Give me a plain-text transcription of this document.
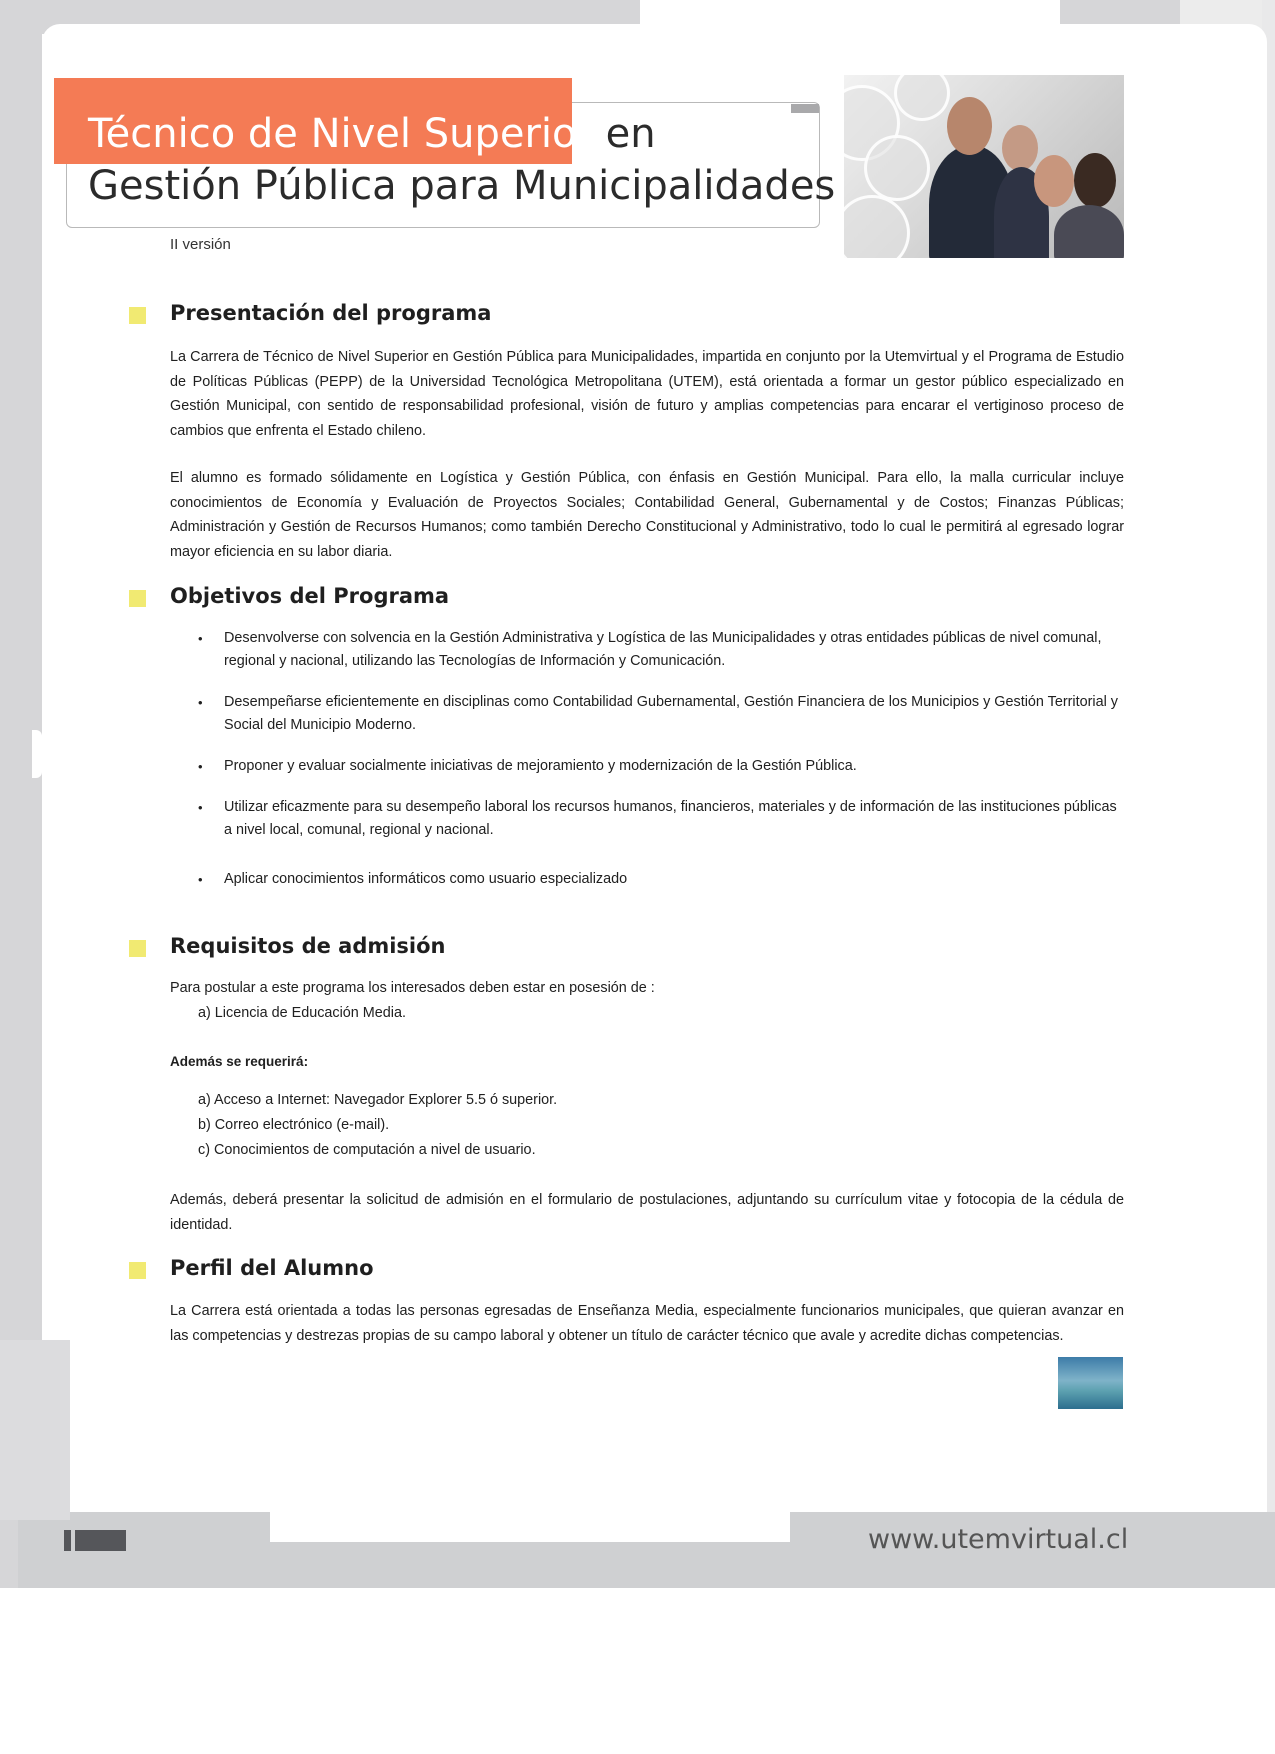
Técnico de Nivel Superior en
Gestión Pública para Municipalidades
II versión
Presentación del programa
La Carrera de Técnico de Nivel Superior en Gestión Pública para Municipalidades, impartida en conjunto por la Utemvirtual y el Programa de Estudio de Políticas Públicas (PEPP) de la Universidad Tecnológica Metropolitana (UTEM), está orientada a formar un gestor público especializado en Gestión Municipal, con sentido de responsabilidad profesional, visión de futuro y amplias competencias para encarar el vertiginoso proceso de cambios que enfrenta el Estado chileno.
El alumno es formado sólidamente en Logística y Gestión Pública, con énfasis en Gestión Municipal. Para ello, la malla curricular incluye conocimientos de Economía y Evaluación de Proyectos Sociales; Contabilidad General, Gubernamental y de Costos; Finanzas Públicas; Administración y Gestión de Recursos Humanos; como también Derecho Constitucional y Administrativo, todo lo cual le permitirá al egresado lograr mayor eficiencia en su labor diaria.
Objetivos del Programa
• Desenvolverse con solvencia en la Gestión Administrativa y Logística de las Municipalidades y otras entidades públicas de nivel comunal, regional y nacional, utilizando las Tecnologías de Información y Comunicación.
• Desempeñarse eficientemente en disciplinas como Contabilidad Gubernamental, Gestión Financiera de los Municipios y Gestión Territorial y Social del Municipio Moderno.
• Proponer y evaluar socialmente iniciativas de mejoramiento y modernización de la Gestión Pública.
• Utilizar eficazmente para su desempeño laboral los recursos humanos, financieros, materiales y de información de las instituciones públicas a nivel local, comunal, regional y nacional.
• Aplicar conocimientos informáticos como usuario especializado
Requisitos de admisión
Para postular a este programa los interesados deben estar en posesión de :
a) Licencia de Educación Media.
Además se requerirá:
a) Acceso a Internet: Navegador Explorer 5.5 ó superior.
b) Correo electrónico (e-mail).
c) Conocimientos de computación a nivel de usuario.
Además, deberá presentar la solicitud de admisión en el formulario de postulaciones, adjuntando su currículum vitae y fotocopia de la cédula de identidad.
Perfil del Alumno
La Carrera está orientada a todas las personas egresadas de Enseñanza Media, especialmente funcionarios municipales, que quieran avanzar en las competencias y destrezas propias de su campo laboral y obtener un título de carácter técnico que avale y acredite dichas competencias.
www.utemvirtual.cl
